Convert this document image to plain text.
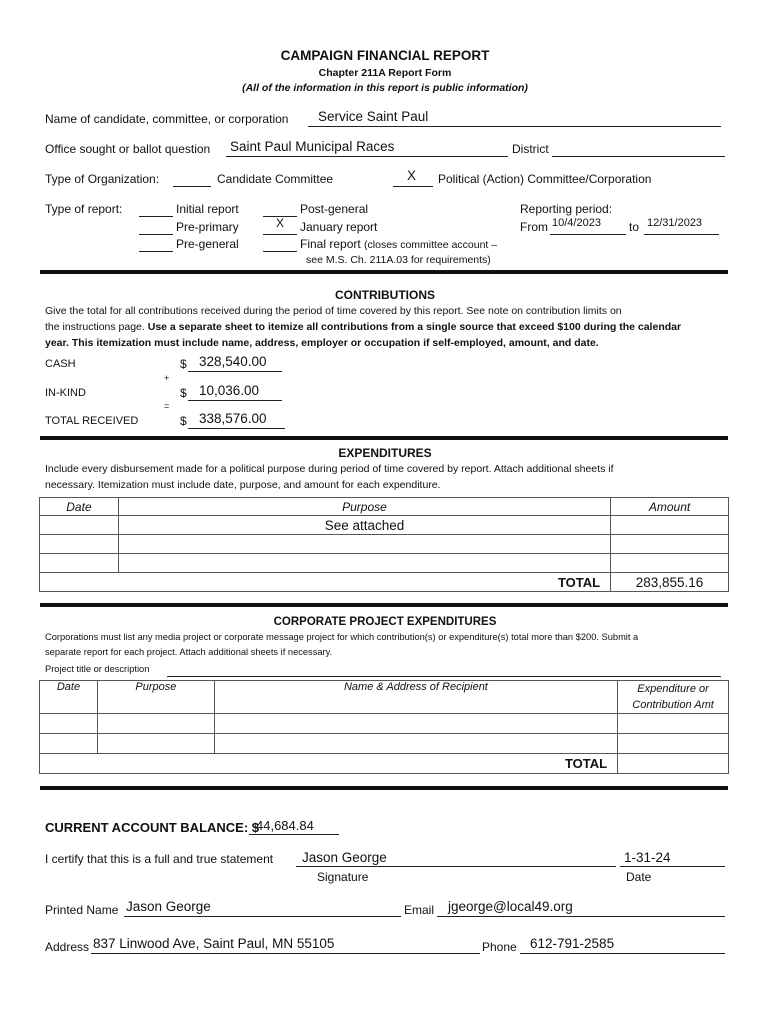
CAMPAIGN FINANCIAL REPORT
Chapter 211A Report Form
(All of the information in this report is public information)
Name of candidate, committee, or corporation Service Saint Paul
Office sought or ballot question Saint Paul Municipal Races	District
Type of Organization:	Candidate Committee	X Political (Action) Committee/Corporation
Type of report:	Initial report
Pre-primary
Pre-general
Post-general
X January report
Final report (closes committee account –
see M.S. Ch. 211A.03 for requirements)
Reporting period:
From 10/4/2023 to 12/31/2023
CONTRIBUTIONS
Give the total for all contributions received during the period of time covered by this report. See note on contribution limits on
the instructions page. Use a separate sheet to itemize all contributions from a single source that exceed $100 during the calendar
year. This itemization must include name, address, employer or occupation if self-employed, amount, and date.
CASH	$ 328,540.00
+
IN-KIND	$ 10,036.00
=
TOTAL RECEIVED	$ 338,576.00
EXPENDITURES
Include every disbursement made for a political purpose during period of time covered by report. Attach additional sheets if
necessary. Itemization must include date, purpose, and amount for each expenditure.
Date	Purpose	Amount
	See attached	

TOTAL		283,855.16
CORPORATE PROJECT EXPENDITURES
Corporations must list any media project or corporate message project for which contribution(s) or expenditure(s) total more than $200. Submit a
separate report for each project. Attach additional sheets if necessary.
Project title or description
Date	Purpose	Name & Address of Recipient	Expenditure or
Contribution Amt

TOTAL			
CURRENT ACCOUNT BALANCE: $
44,684.84
I certify that this is a full and true statement Jason George	1-31-24
Signature	Date
Printed Name Jason George	Email jgeorge@local49.org
Address 837 Linwood Ave, Saint Paul, MN 55105	Phone 612-791-2585
